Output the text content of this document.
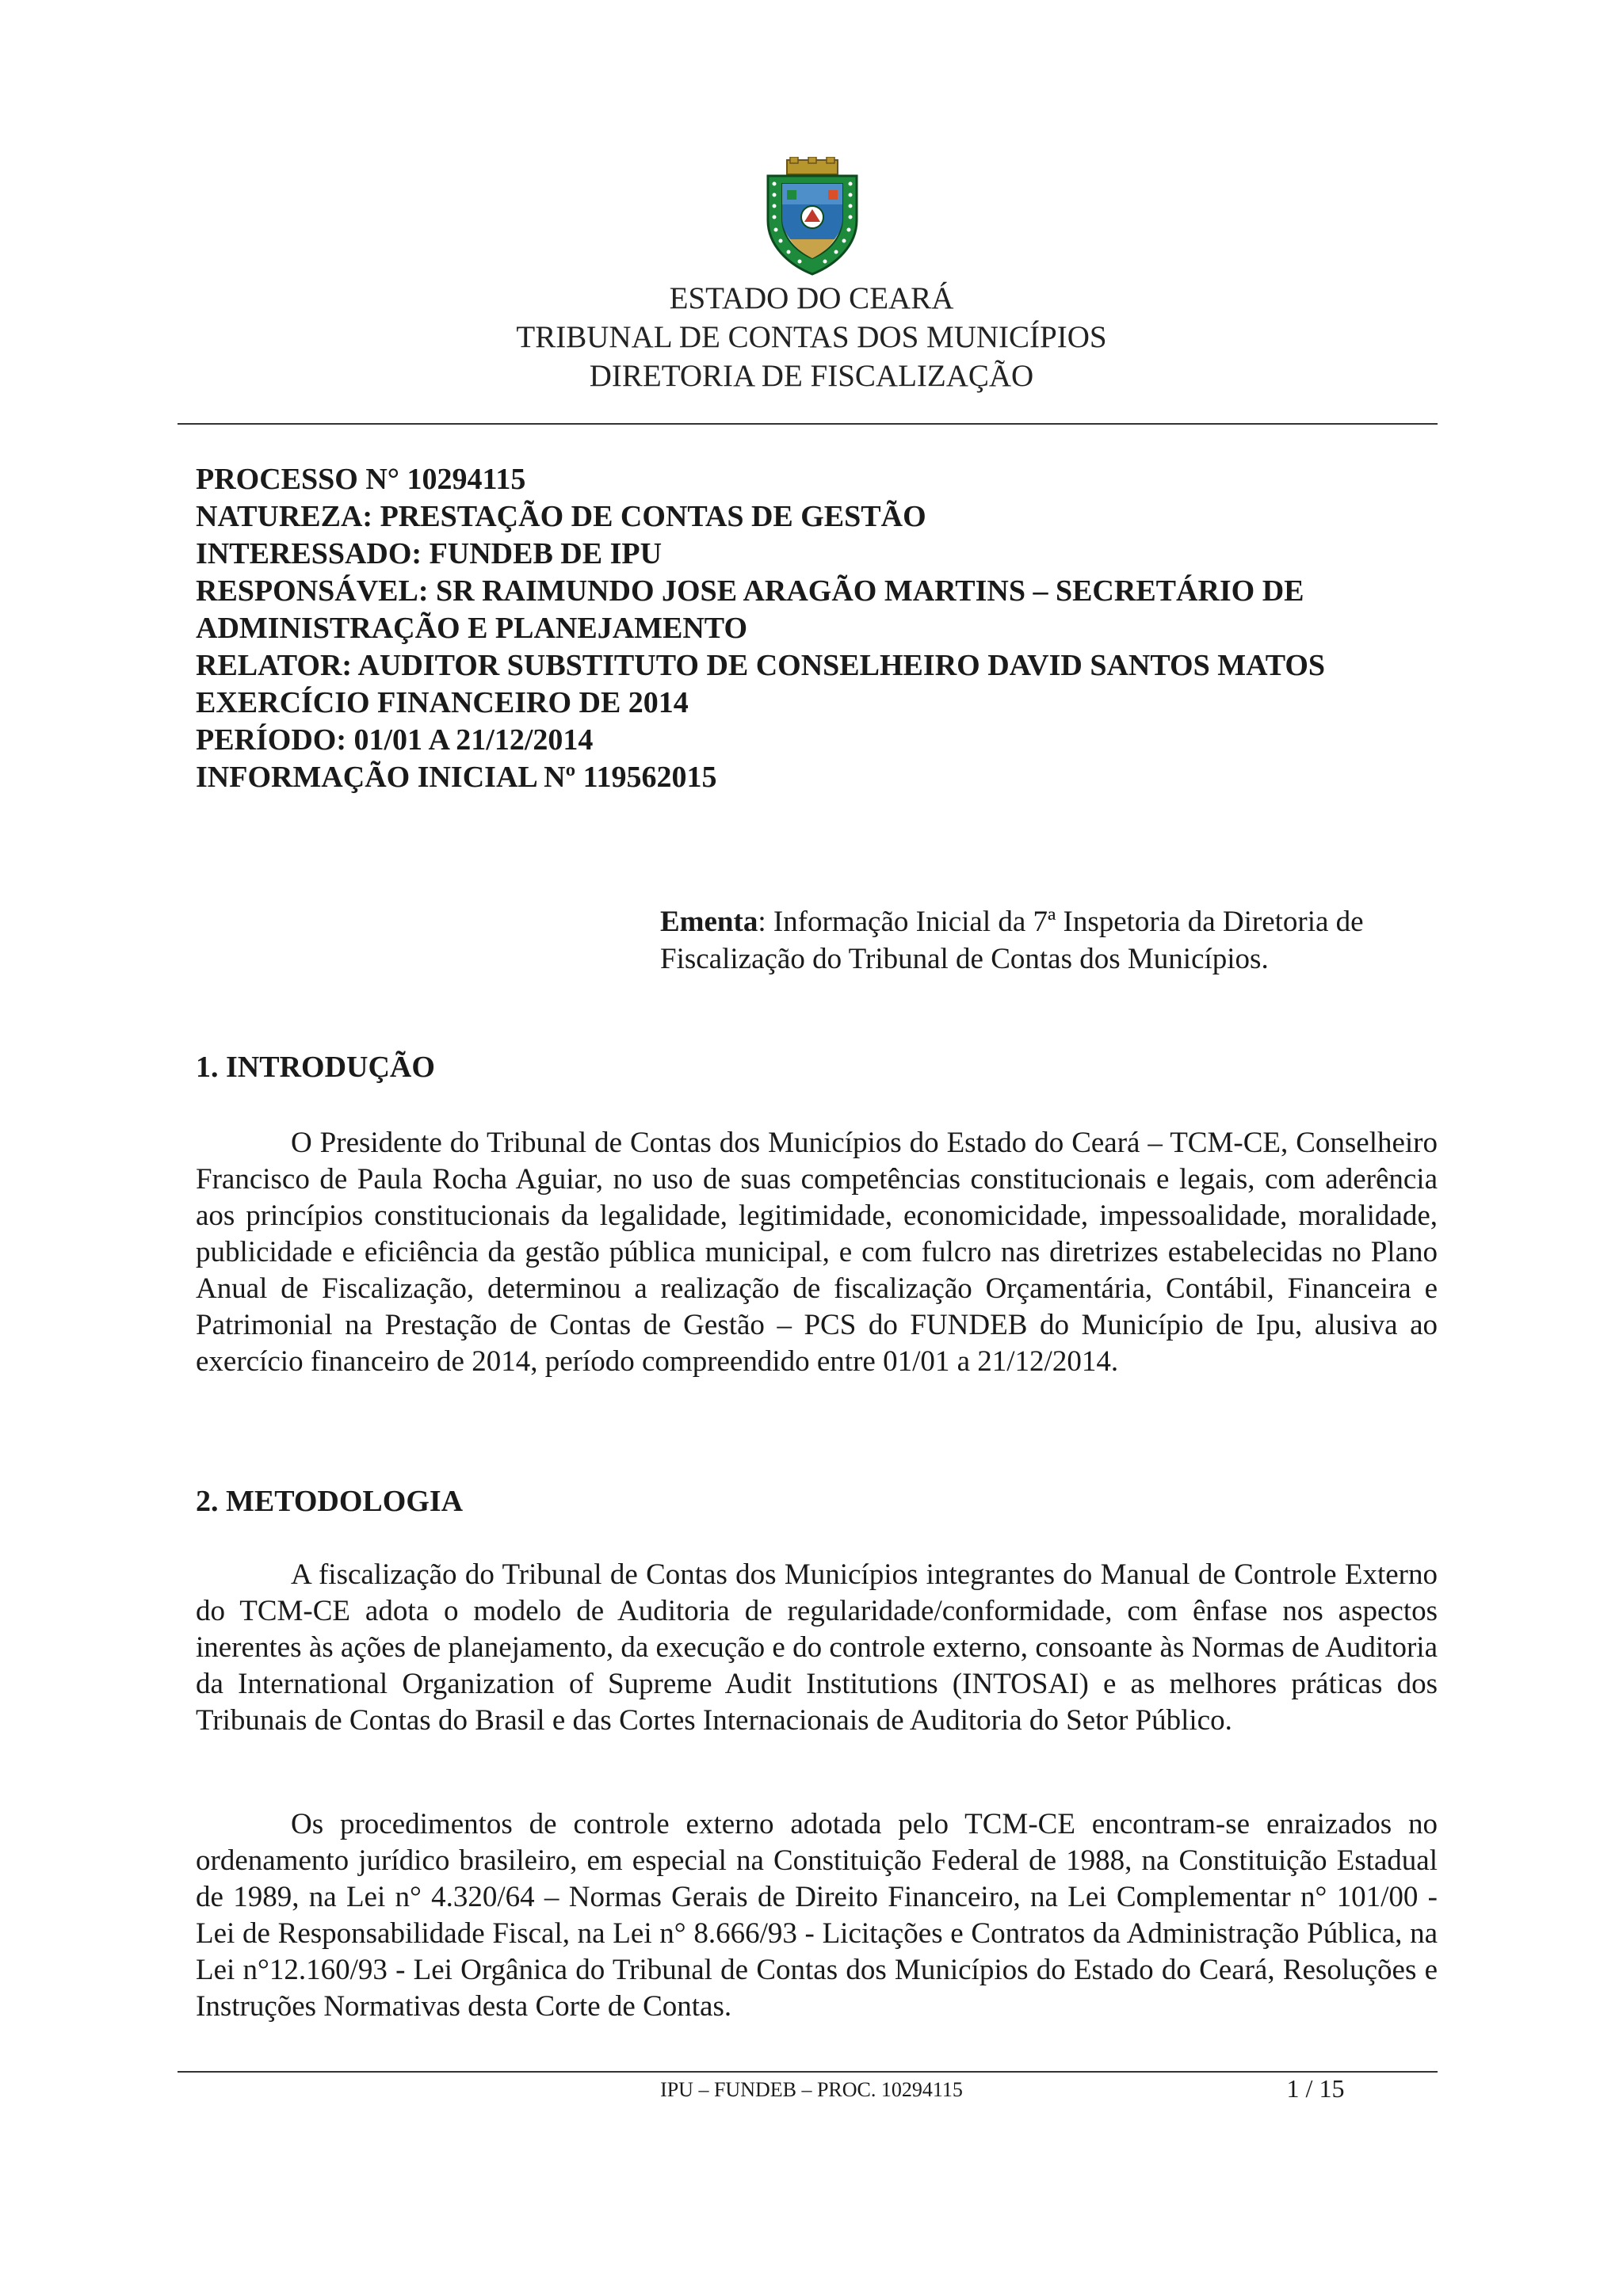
ESTADO DO CEARÁ
TRIBUNAL DE CONTAS DOS MUNICÍPIOS
DIRETORIA DE FISCALIZAÇÃO
PROCESSO N° 10294115
NATUREZA: PRESTAÇÃO DE CONTAS DE GESTÃO
INTERESSADO: FUNDEB DE IPU
RESPONSÁVEL: SR RAIMUNDO JOSE ARAGÃO MARTINS – SECRETÁRIO DE ADMINISTRAÇÃO E PLANEJAMENTO
RELATOR: AUDITOR SUBSTITUTO DE CONSELHEIRO DAVID SANTOS MATOS
EXERCÍCIO FINANCEIRO DE 2014
PERÍODO: 01/01 A 21/12/2014
INFORMAÇÃO INICIAL Nº 119562015
Ementa: Informação Inicial da 7ª Inspetoria da Diretoria de Fiscalização do Tribunal de Contas dos Municípios.
1. INTRODUÇÃO
O Presidente do Tribunal de Contas dos Municípios do Estado do Ceará – TCM-CE, Conselheiro Francisco de Paula Rocha Aguiar, no uso de suas competências constitucionais e legais, com aderência aos princípios constitucionais da legalidade, legitimidade, economicidade, impessoalidade, moralidade, publicidade e eficiência da gestão pública municipal, e com fulcro nas diretrizes estabelecidas no Plano Anual de Fiscalização, determinou a realização de fiscalização Orçamentária, Contábil, Financeira e Patrimonial na Prestação de Contas de Gestão – PCS do FUNDEB do Município de Ipu, alusiva ao exercício financeiro de 2014, período compreendido entre 01/01 a 21/12/2014.
2. METODOLOGIA
A fiscalização do Tribunal de Contas dos Municípios integrantes do Manual de Controle Externo do TCM-CE adota o modelo de Auditoria de regularidade/conformidade, com ênfase nos aspectos inerentes às ações de planejamento, da execução e do controle externo, consoante às Normas de Auditoria da International Organization of Supreme Audit Institutions (INTOSAI) e as melhores práticas dos Tribunais de Contas do Brasil e das Cortes Internacionais de Auditoria do Setor Público.
Os procedimentos de controle externo adotada pelo TCM-CE encontram-se enraizados no ordenamento jurídico brasileiro, em especial na Constituição Federal de 1988, na Constituição Estadual de 1989, na Lei n° 4.320/64 – Normas Gerais de Direito Financeiro, na Lei Complementar n° 101/00 - Lei de Responsabilidade Fiscal, na Lei n° 8.666/93 - Licitações e Contratos da Administração Pública, na Lei n°12.160/93 - Lei Orgânica do Tribunal de Contas dos Municípios do Estado do Ceará, Resoluções e Instruções Normativas desta Corte de Contas.
IPU – FUNDEB – PROC. 10294115	1 / 15
